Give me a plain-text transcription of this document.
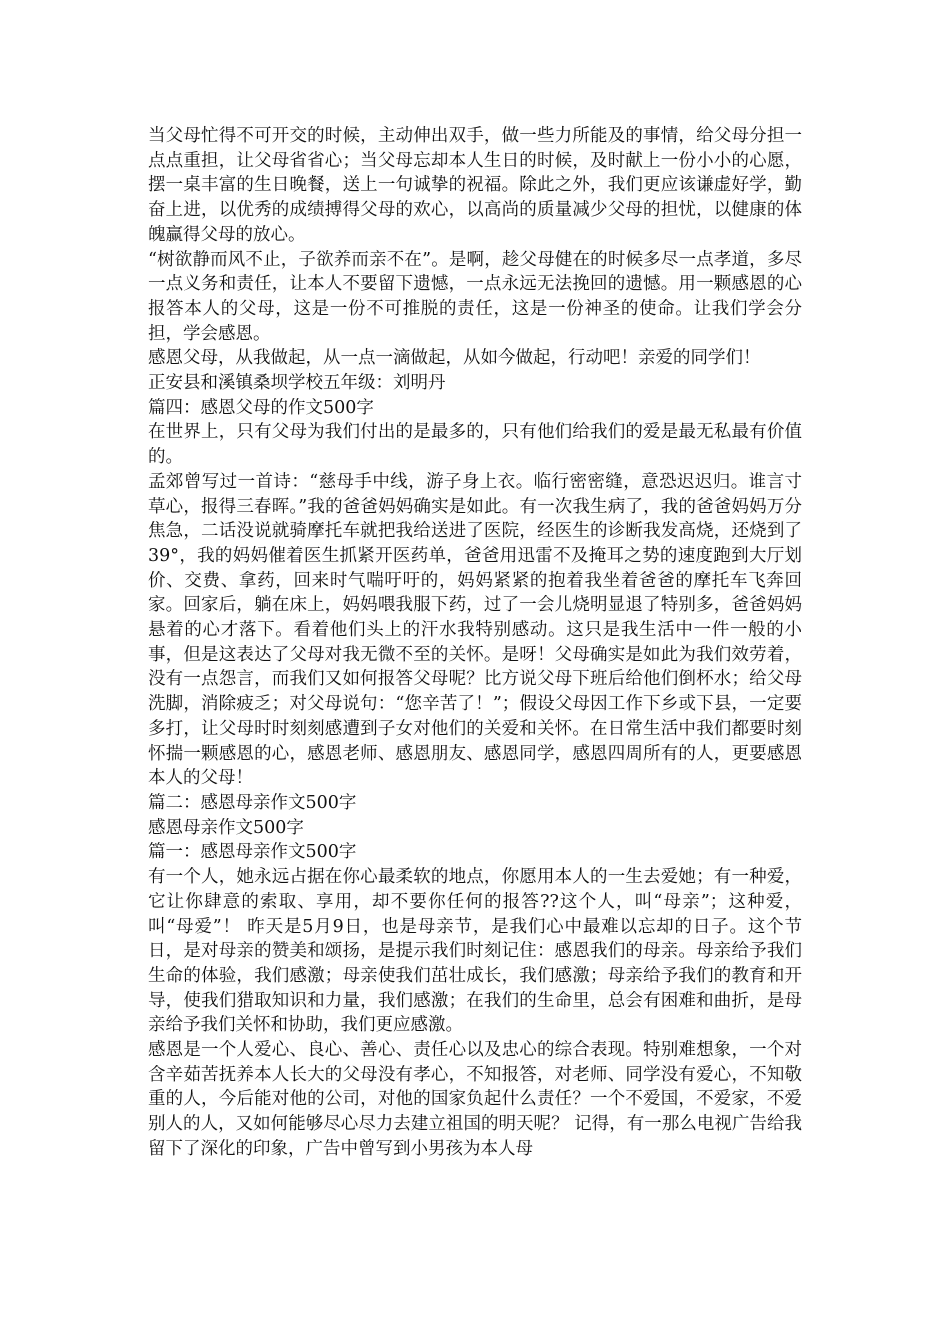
当父母忙得不可开交的时候，主动伸出双手，做一些力所能及的事情，给父母分担一点点重担，让父母省省心；当父母忘却本人生日的时候，及时献上一份小小的心愿，摆一桌丰富的生日晚餐，送上一句诚挚的祝福。除此之外，我们更应该谦虚好学，勤奋上进，以优秀的成绩搏得父母的欢心，以高尚的质量减少父母的担忧，以健康的体魄赢得父母的放心。

“树欲静而风不止，子欲养而亲不在”。是啊，趁父母健在的时候多尽一点孝道，多尽一点义务和责任，让本人不要留下遗憾，一点永远无法挽回的遗憾。用一颗感恩的心报答本人的父母，这是一份不可推脱的责任，这是一份神圣的使命。让我们学会分担，学会感恩。

感恩父母，从我做起，从一点一滴做起，从如今做起，行动吧！亲爱的同学们！

正安县和溪镇桑坝学校五年级：刘明丹

篇四：感恩父母的作文500字

在世界上，只有父母为我们付出的是最多的，只有他们给我们的爱是最无私最有价值的。

孟郊曾写过一首诗：“慈母手中线，游子身上衣。临行密密缝，意恐迟迟归。谁言寸草心，报得三春晖。”我的爸爸妈妈确实是如此。有一次我生病了，我的爸爸妈妈万分焦急，二话没说就骑摩托车就把我给送进了医院，经医生的诊断我发高烧，还烧到了39°，我的妈妈催着医生抓紧开医药单，爸爸用迅雷不及掩耳之势的速度跑到大厅划价、交费、拿药，回来时气喘吁吁的，妈妈紧紧的抱着我坐着爸爸的摩托车飞奔回家。回家后，躺在床上，妈妈喂我服下药，过了一会儿烧明显退了特别多，爸爸妈妈悬着的心才落下。看着他们头上的汗水我特别感动。这只是我生活中一件一般的小事，但是这表达了父母对我无微不至的关怀。是呀！父母确实是如此为我们效劳着，没有一点怨言，而我们又如何报答父母呢？比方说父母下班后给他们倒杯水；给父母洗脚，消除疲乏；对父母说句：“您辛苦了！”；假设父母因工作下乡或下县，一定要多打，让父母时时刻刻感遭到子女对他们的关爱和关怀。在日常生活中我们都要时刻怀揣一颗感恩的心，感恩老师、感恩朋友、感恩同学，感恩四周所有的人，更要感恩本人的父母！

篇二：感恩母亲作文500字

感恩母亲作文500字

篇一：感恩母亲作文500字

有一个人，她永远占据在你心最柔软的地点，你愿用本人的一生去爱她；有一种爱，它让你肆意的索取、享用，却不要你任何的报答??这个人，叫“母亲”；这种爱，叫“母爱”！ 昨天是5月9日，也是母亲节，是我们心中最难以忘却的日子。这个节日，是对母亲的赞美和颂扬，是提示我们时刻记住：感恩我们的母亲。母亲给予我们生命的体验，我们感激；母亲使我们茁壮成长，我们感激；母亲给予我们的教育和开导，使我们猎取知识和力量，我们感激；在我们的生命里，总会有困难和曲折，是母亲给予我们关怀和协助，我们更应感激。

感恩是一个人爱心、良心、善心、责任心以及忠心的综合表现。特别难想象，一个对含辛茹苦抚养本人长大的父母没有孝心，不知报答，对老师、同学没有爱心，不知敬重的人，今后能对他的公司，对他的国家负起什么责任？一个不爱国，不爱家，不爱别人的人，又如何能够尽心尽力去建立祖国的明天呢？ 记得，有一那么电视广告给我留下了深化的印象，广告中曾写到小男孩为本人母
